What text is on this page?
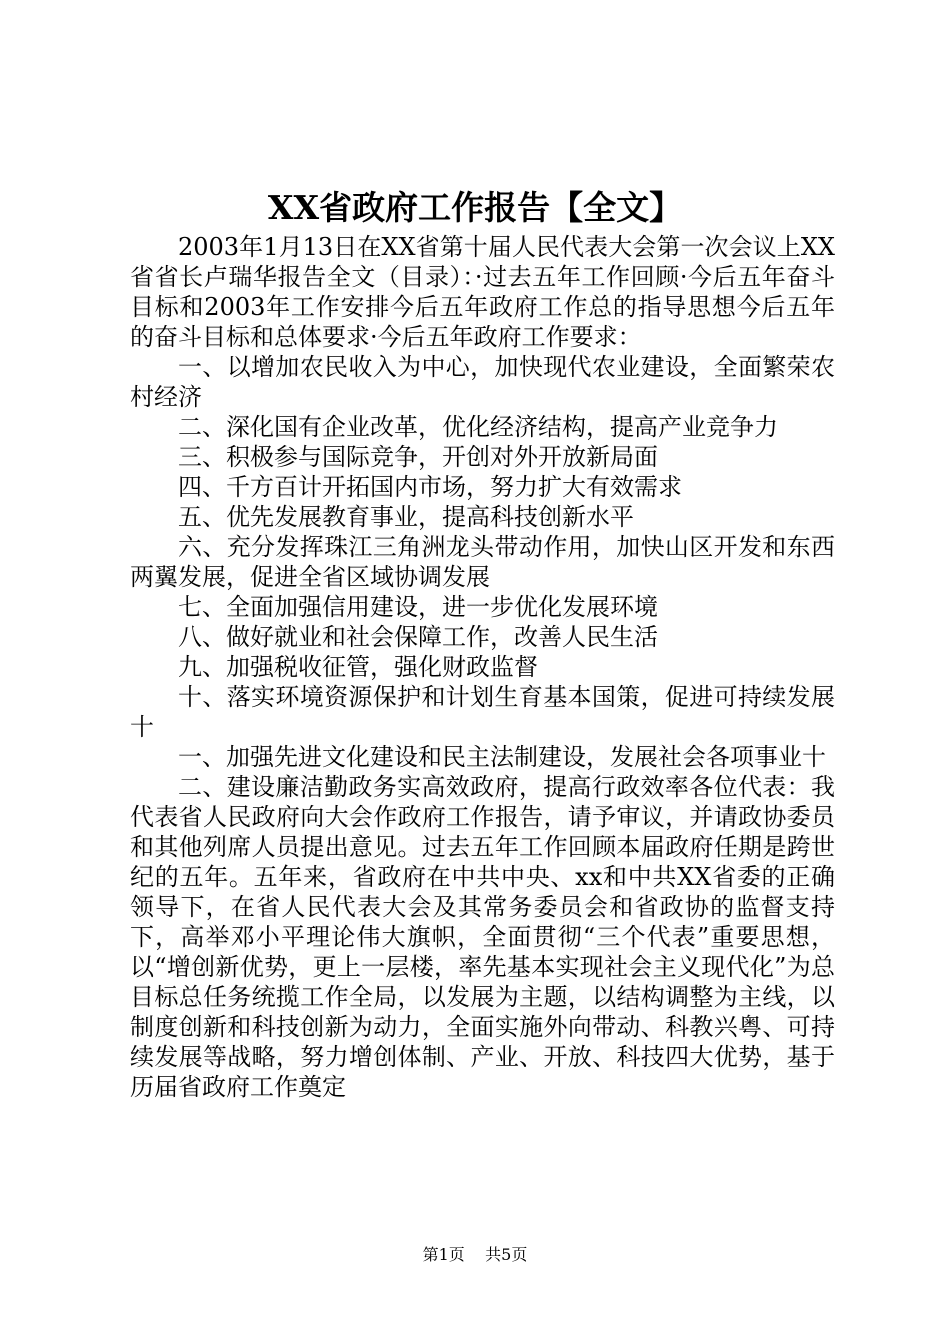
XX省政府工作报告【全文】

2003年1月13日在XX省第十届人民代表大会第一次会议上XX省省长卢瑞华报告全文（目录）：·过去五年工作回顾·今后五年奋斗目标和2003年工作安排今后五年政府工作总的指导思想今后五年的奋斗目标和总体要求·今后五年政府工作要求：

一、以增加农民收入为中心，加快现代农业建设，全面繁荣农村经济

二、深化国有企业改革，优化经济结构，提高产业竞争力

三、积极参与国际竞争，开创对外开放新局面

四、千方百计开拓国内市场，努力扩大有效需求

五、优先发展教育事业，提高科技创新水平

六、充分发挥珠江三角洲龙头带动作用，加快山区开发和东西两翼发展，促进全省区域协调发展

七、全面加强信用建设，进一步优化发展环境

八、做好就业和社会保障工作，改善人民生活

九、加强税收征管，强化财政监督

十、落实环境资源保护和计划生育基本国策，促进可持续发展十

一、加强先进文化建设和民主法制建设，发展社会各项事业十

二、建设廉洁勤政务实高效政府，提高行政效率各位代表：我代表省人民政府向大会作政府工作报告，请予审议，并请政协委员和其他列席人员提出意见。过去五年工作回顾本届政府任期是跨世纪的五年。五年来，省政府在中共中央、xx和中共XX省委的正确领导下，在省人民代表大会及其常务委员会和省政协的监督支持下，高举邓小平理论伟大旗帜，全面贯彻“三个代表”重要思想，以“增创新优势，更上一层楼，率先基本实现社会主义现代化”为总目标总任务统揽工作全局，以发展为主题，以结构调整为主线，以制度创新和科技创新为动力，全面实施外向带动、科教兴粤、可持续发展等战略，努力增创体制、产业、开放、科技四大优势，基于历届省政府工作奠定

第1页 共5页
